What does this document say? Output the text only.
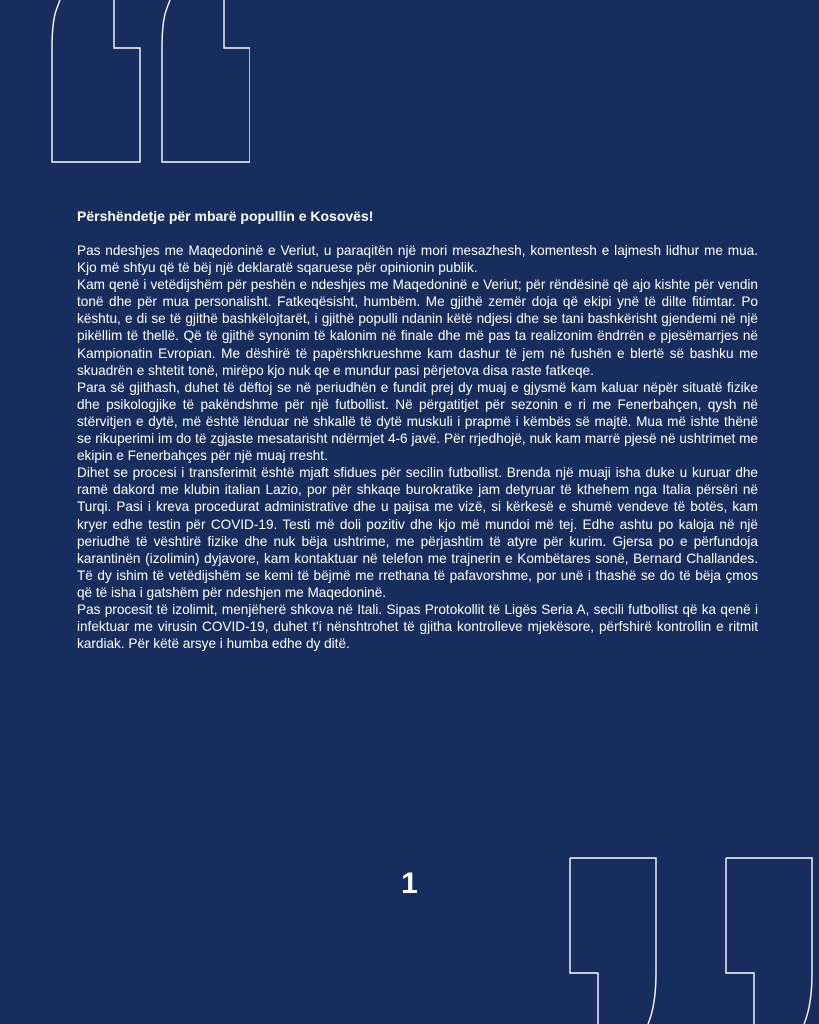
Përshëndetje për mbarë popullin e Kosovës!

Pas ndeshjes me Maqedoninë e Veriut, u paraqitën një mori mesazhesh, komentesh e lajmesh lidhur me mua. Kjo më shtyu që të bëj një deklaratë sqaruese për opinionin publik.

Kam qenë i vetëdijshëm për peshën e ndeshjes me Maqedoninë e Veriut; për rëndësinë që ajo kishte për vendin tonë dhe për mua personalisht. Fatkeqësisht, humbëm. Me gjithë zemër doja që ekipi ynë të dilte fitimtar. Po kështu, e di se të gjithë bashkëlojtarët, i gjithë populli ndanin këtë ndjesi dhe se tani bashkërisht gjendemi në një pikëllim të thellë. Që të gjithë synonim të kalonim në finale dhe më pas ta realizonim ëndrrën e pjesëmarrjes në Kampionatin Evropian. Me dëshirë të papërshkrueshme kam dashur të jem në fushën e blertë së bashku me skuadrën e shtetit tonë, mirëpo kjo nuk qe e mundur pasi përjetova disa raste fatkeqe.

Para së gjithash, duhet të dëftoj se në periudhën e fundit prej dy muaj e gjysmë kam kaluar nëpër situatë fizike dhe psikologjike të pakëndshme për një futbollist. Në përgatitjet për sezonin e ri me Fenerbahçen, qysh në stërvitjen e dytë, më është lënduar në shkallë të dytë muskuli i prapmë i këmbës së majtë. Mua më ishte thënë se rikuperimi im do të zgjaste mesatarisht ndërmjet 4-6 javë. Për rrjedhojë, nuk kam marrë pjesë në ushtrimet me ekipin e Fenerbahçes për një muaj rresht.

Dihet se procesi i transferimit është mjaft sfidues për secilin futbollist. Brenda një muaji isha duke u kuruar dhe ramë dakord me klubin italian Lazio, por për shkaqe burokratike jam detyruar të kthehem nga Italia përsëri në Turqi. Pasi i kreva procedurat administrative dhe u pajisa me vizë, si kërkesë e shumë vendeve të botës, kam kryer edhe testin për COVID-19. Testi më doli pozitiv dhe kjo më mundoi më tej. Edhe ashtu po kaloja në një periudhë të vështirë fizike dhe nuk bëja ushtrime, me përjashtim të atyre për kurim. Gjersa po e përfundoja karantinën (izolimin) dyjavore, kam kontaktuar në telefon me trajnerin e Kombëtares sonë, Bernard Challandes. Të dy ishim të vetëdijshëm se kemi të bëjmë me rrethana të pafavorshme, por unë i thashë se do të bëja çmos që të isha i gatshëm për ndeshjen me Maqedoninë.

Pas procesit të izolimit, menjëherë shkova në Itali. Sipas Protokollit të Ligës Seria A, secili futbollist që ka qenë i infektuar me virusin COVID-19, duhet t'i nënshtrohet të gjitha kontrolleve mjekësore, përfshirë kontrollin e ritmit kardiak. Për këtë arsye i humba edhe dy ditë.

1
